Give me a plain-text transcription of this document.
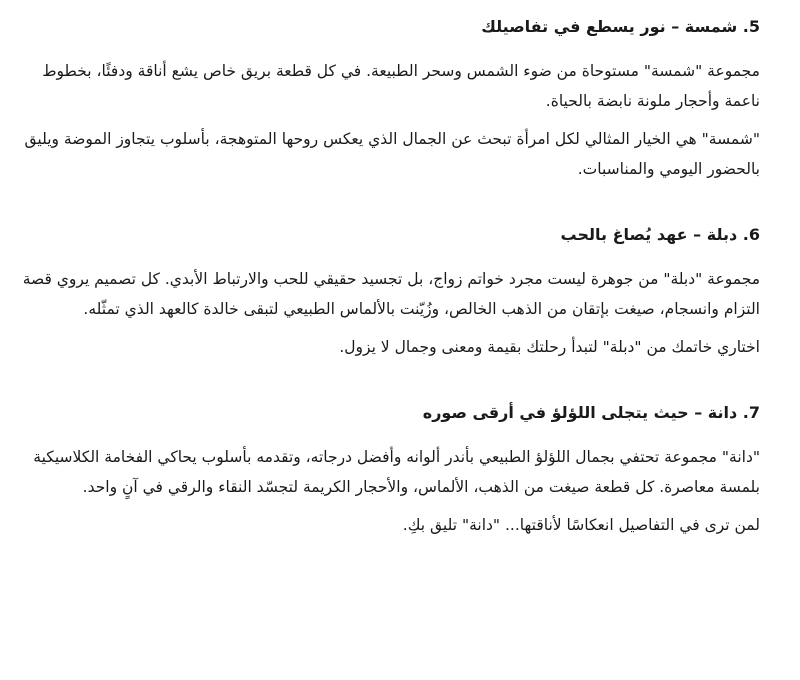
5. شمسة – نور يسطع في تفاصيلك

مجموعة "شمسة" مستوحاة من ضوء الشمس وسحر الطبيعة. في كل قطعة بريق خاص يشع أناقة ودفئًا، بخطوط ناعمة وأحجار ملونة نابضة بالحياة.

"شمسة" هي الخيار المثالي لكل امرأة تبحث عن الجمال الذي يعكس روحها المتوهجة، بأسلوب يتجاوز الموضة ويليق بالحضور اليومي والمناسبات.

6. دبلة – عهد يُصاغ بالحب

مجموعة "دبلة" من جوهرة ليست مجرد خواتم زواج، بل تجسيد حقيقي للحب والارتباط الأبدي. كل تصميم يروي قصة التزام وانسجام، صيغت بإتقان من الذهب الخالص، وزُيّنت بالألماس الطبيعي لتبقى خالدة كالعهد الذي تمثّله.

اختاري خاتمك من "دبلة" لتبدأ رحلتك بقيمة ومعنى وجمال لا يزول.

7. دانة – حيث يتجلى اللؤلؤ في أرقى صوره

"دانة" مجموعة تحتفي بجمال اللؤلؤ الطبيعي بأندر ألوانه وأفضل درجاته، وتقدمه بأسلوب يحاكي الفخامة الكلاسيكية بلمسة معاصرة. كل قطعة صيغت من الذهب، الألماس، والأحجار الكريمة لتجسّد النقاء والرقي في آنٍ واحد.

لمن ترى في التفاصيل انعكاسًا لأناقتها... "دانة" تليق بكِ.
